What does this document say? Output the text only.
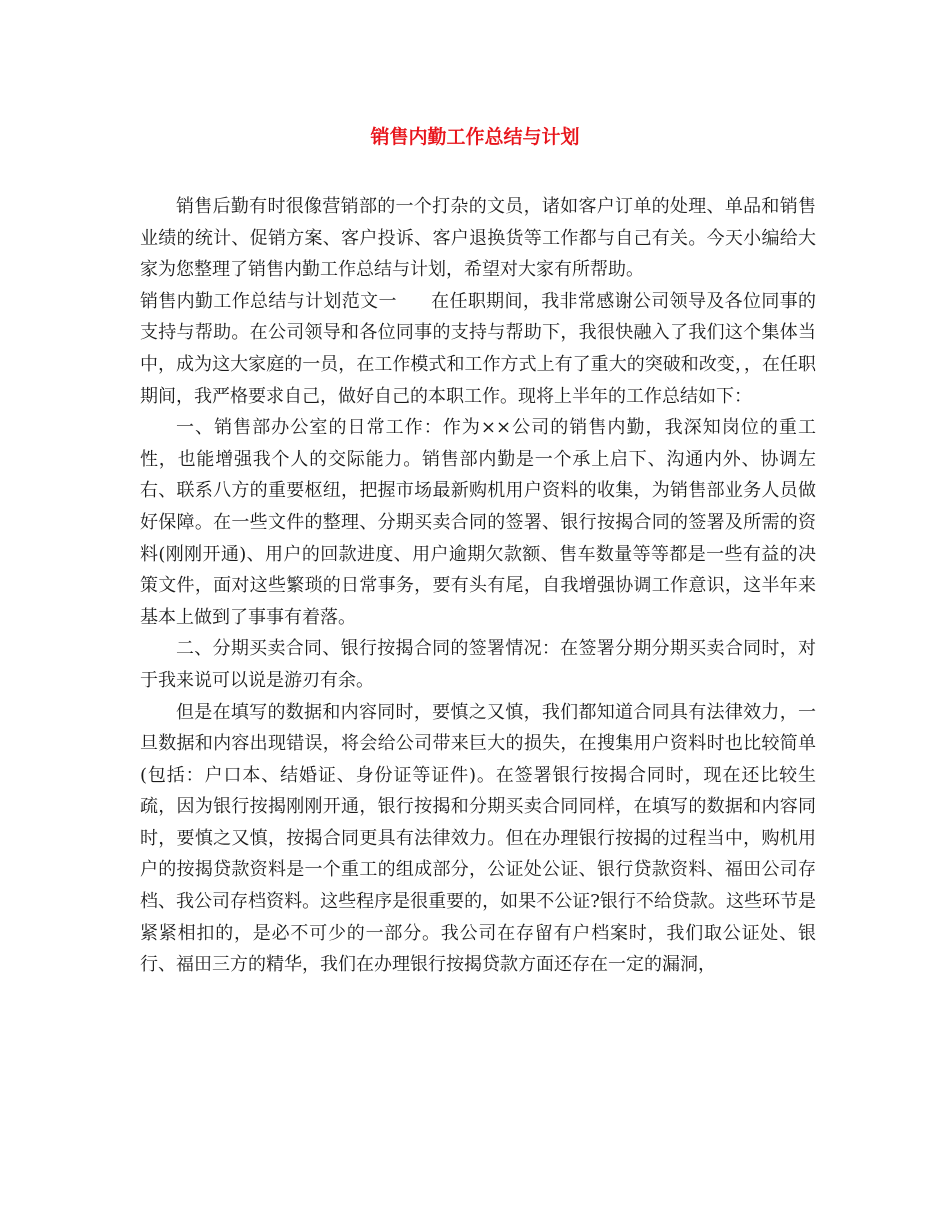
销售内勤工作总结与计划

销售后勤有时很像营销部的一个打杂的文员，诸如客户订单的处理、单品和销售业绩的统计、促销方案、客户投诉、客户退换货等工作都与自己有关。今天小编给大家为您整理了销售内勤工作总结与计划，希望对大家有所帮助。

销售内勤工作总结与计划范文一 在任职期间，我非常感谢公司领导及各位同事的支持与帮助。在公司领导和各位同事的支持与帮助下，我很快融入了我们这个集体当中，成为这大家庭的一员，在工作模式和工作方式上有了重大的突破和改变，，在任职期间，我严格要求自己，做好自己的本职工作。现将上半年的工作总结如下：

一、销售部办公室的日常工作：作为××公司的销售内勤，我深知岗位的重工性，也能增强我个人的交际能力。销售部内勤是一个承上启下、沟通内外、协调左右、联系八方的重要枢纽，把握市场最新购机用户资料的收集，为销售部业务人员做好保障。在一些文件的整理、分期买卖合同的签署、银行按揭合同的签署及所需的资料(刚刚开通)、用户的回款进度、用户逾期欠款额、售车数量等等都是一些有益的决策文件，面对这些繁琐的日常事务，要有头有尾，自我增强协调工作意识，这半年来基本上做到了事事有着落。

二、分期买卖合同、银行按揭合同的签署情况：在签署分期分期买卖合同时，对于我来说可以说是游刃有余。

但是在填写的数据和内容同时，要慎之又慎，我们都知道合同具有法律效力，一旦数据和内容出现错误，将会给公司带来巨大的损失，在搜集用户资料时也比较简单(包括：户口本、结婚证、身份证等证件)。在签署银行按揭合同时，现在还比较生疏，因为银行按揭刚刚开通，银行按揭和分期买卖合同同样，在填写的数据和内容同时，要慎之又慎，按揭合同更具有法律效力。但在办理银行按揭的过程当中，购机用户的按揭贷款资料是一个重工的组成部分，公证处公证、银行贷款资料、福田公司存档、我公司存档资料。这些程序是很重要的，如果不公证?银行不给贷款。这些环节是紧紧相扣的，是必不可少的一部分。我公司在存留有户档案时，我们取公证处、银行、福田三方的精华，我们在办理银行按揭贷款方面还存在一定的漏洞，
